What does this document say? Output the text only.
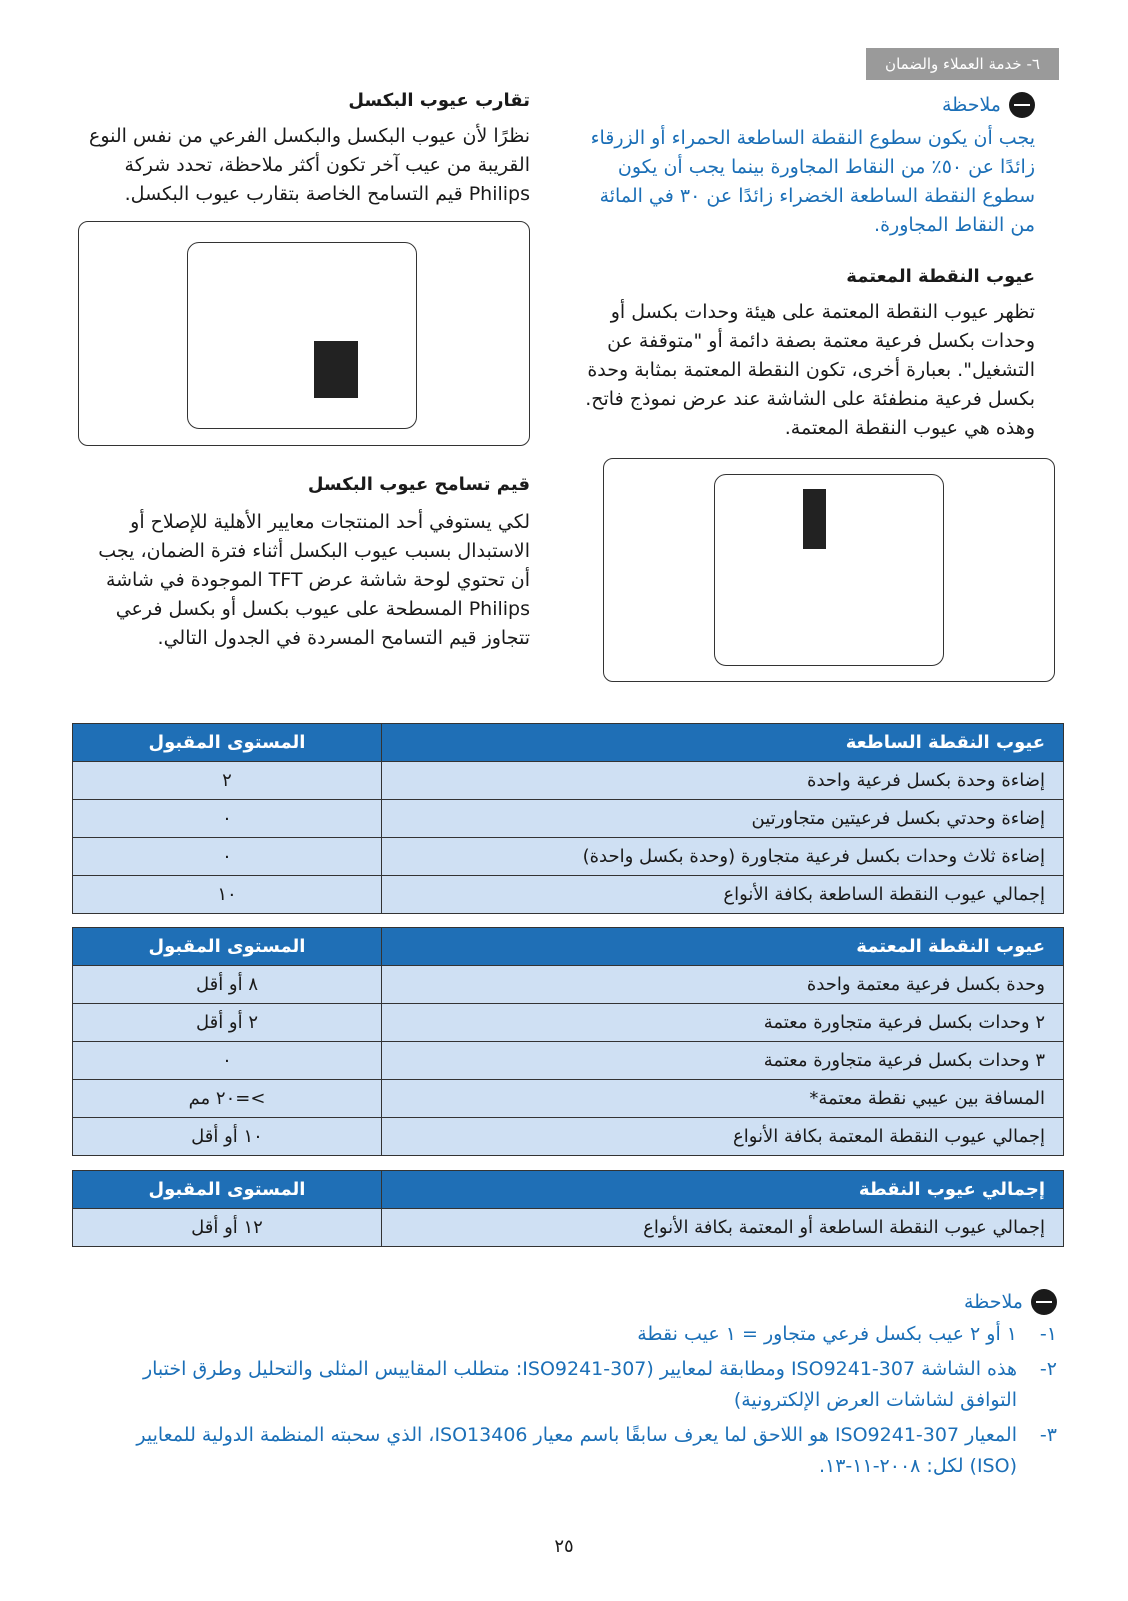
٦- خدمة العملاء والضمان
ملاحظة
يجب أن يكون سطوع النقطة الساطعة الحمراء أو الزرقاء
زائدًا عن ٥٠٪ من النقاط المجاورة بينما يجب أن يكون
سطوع النقطة الساطعة الخضراء زائدًا عن ٣٠ في المائة
من النقاط المجاورة.
عيوب النقطة المعتمة
تظهر عيوب النقطة المعتمة على هيئة وحدات بكسل أو
وحدات بكسل فرعية معتمة بصفة دائمة أو "متوقفة عن
التشغيل". بعبارة أخرى، تكون النقطة المعتمة بمثابة وحدة
بكسل فرعية منطفئة على الشاشة عند عرض نموذج فاتح.
وهذه هي عيوب النقطة المعتمة.
تقارب عيوب البكسل
نظرًا لأن عيوب البكسل والبكسل الفرعي من نفس النوع
القريبة من عيب آخر تكون أكثر ملاحظة، تحدد شركة
Philips قيم التسامح الخاصة بتقارب عيوب البكسل.
قيم تسامح عيوب البكسل
لكي يستوفي أحد المنتجات معايير الأهلية للإصلاح أو
الاستبدال بسبب عيوب البكسل أثناء فترة الضمان، يجب
أن تحتوي لوحة شاشة عرض TFT الموجودة في شاشة
Philips المسطحة على عيوب بكسل أو بكسل فرعي
تتجاوز قيم التسامح المسردة في الجدول التالي.
عيوب النقطة الساطعة	المستوى المقبول
إضاءة وحدة بكسل فرعية واحدة	٢
إضاءة وحدتي بكسل فرعيتين متجاورتين	٠
إضاءة ثلاث وحدات بكسل فرعية متجاورة (وحدة بكسل واحدة)	٠
إجمالي عيوب النقطة الساطعة بكافة الأنواع	١٠
عيوب النقطة المعتمة	المستوى المقبول
وحدة بكسل فرعية معتمة واحدة	٨ أو أقل
٢ وحدات بكسل فرعية متجاورة معتمة	٢ أو أقل
٣ وحدات بكسل فرعية متجاورة معتمة	٠
المسافة بين عيبي نقطة معتمة*	>=٢٠ مم
إجمالي عيوب النقطة المعتمة بكافة الأنواع	١٠ أو أقل
إجمالي عيوب النقطة	المستوى المقبول
إجمالي عيوب النقطة الساطعة أو المعتمة بكافة الأنواع	١٢ أو أقل
ملاحظة
١-
١ أو ٢ عيب بكسل فرعي متجاور = ١ عيب نقطة
٢-
هذه الشاشة ISO9241-307 ومطابقة لمعايير (ISO9241-307: متطلب المقاييس المثلى والتحليل وطرق اختبار
التوافق لشاشات العرض الإلكترونية)
٣-
المعيار ISO9241-307 هو اللاحق لما يعرف سابقًا باسم معيار ISO13406، الذي سحبته المنظمة الدولية للمعايير
(ISO) لكل: ٢٠٠٨-١١-١٣.
٢٥
